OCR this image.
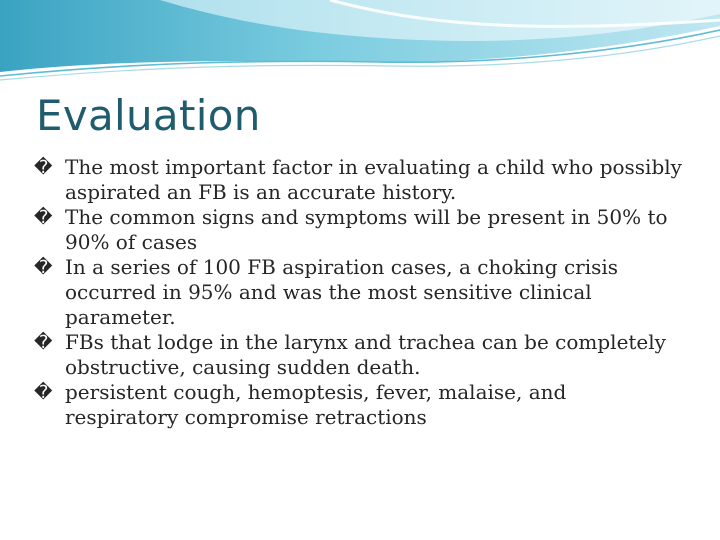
Evaluation
� The most important factor in evaluating a child who possibly aspirated an FB is an accurate history.
� The common signs and symptoms will be present in 50% to 90% of cases
� In a series of 100 FB aspiration cases, a choking crisis occurred in 95% and was the most sensitive clinical parameter.
� FBs that lodge in the larynx and trachea can be completely obstructive, causing sudden death.
� persistent cough, hemoptesis, fever, malaise, and respiratory compromise retractions
